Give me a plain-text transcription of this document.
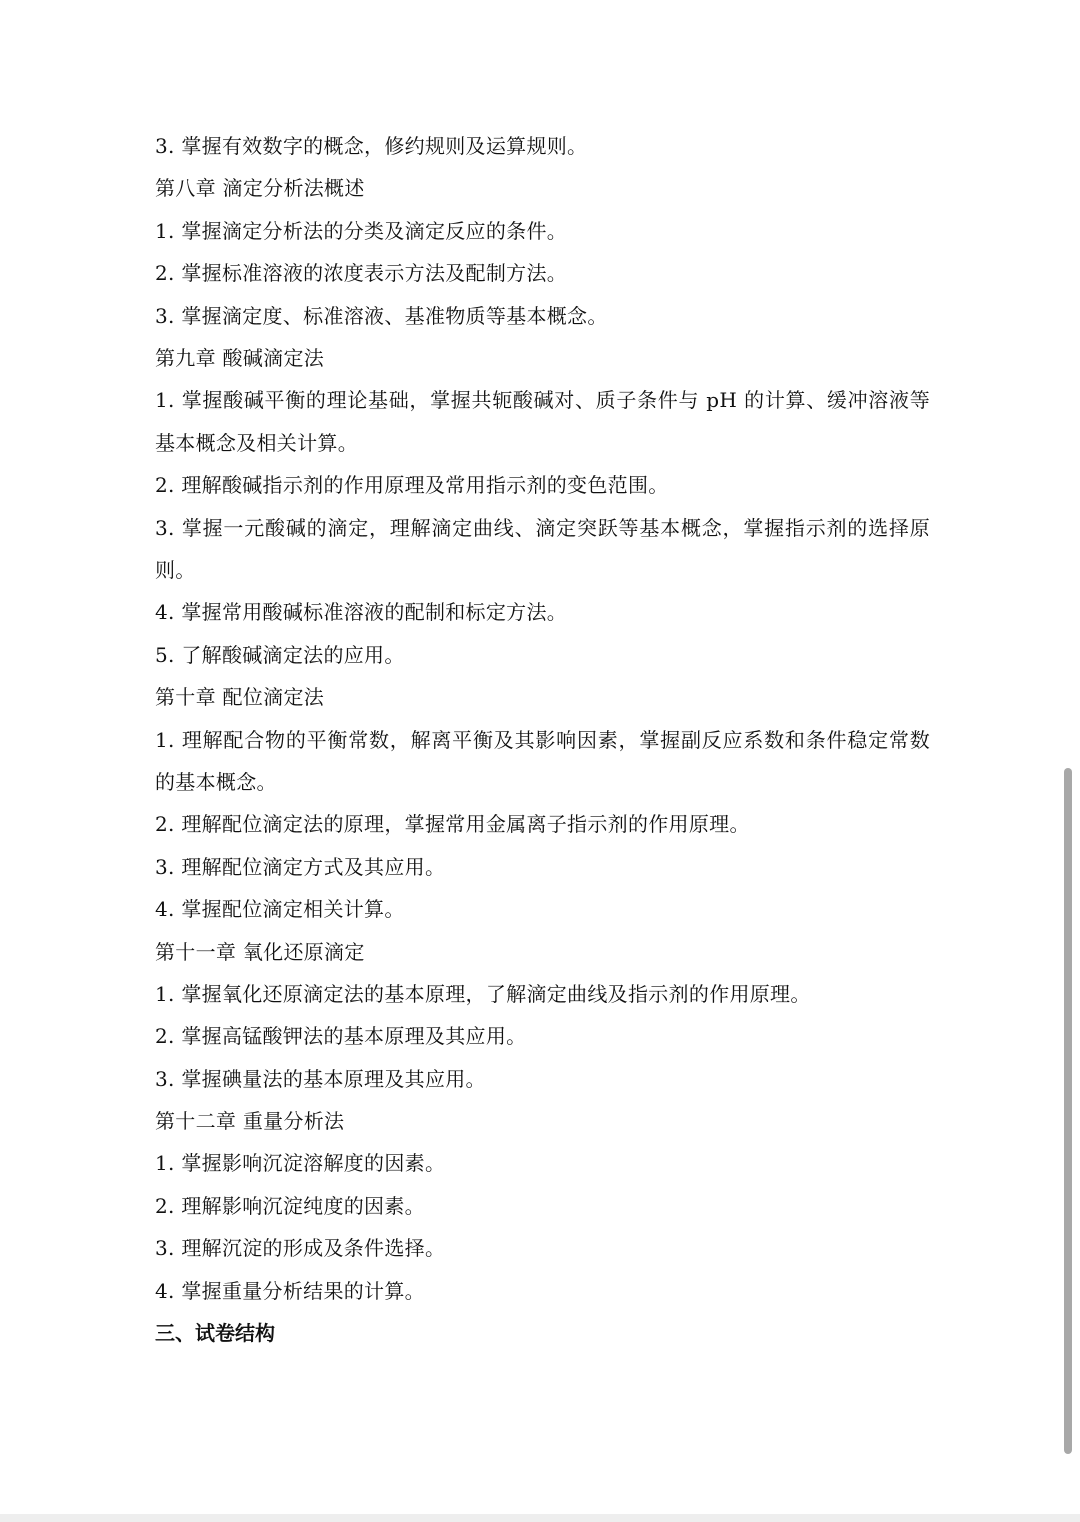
3. 掌握有效数字的概念，修约规则及运算规则。
第八章 滴定分析法概述
1. 掌握滴定分析法的分类及滴定反应的条件。
2. 掌握标准溶液的浓度表示方法及配制方法。
3. 掌握滴定度、标准溶液、基准物质等基本概念。
第九章 酸碱滴定法
1. 掌握酸碱平衡的理论基础，掌握共轭酸碱对、质子条件与 pH 的计算、缓冲溶液等基本概念及相关计算。
2. 理解酸碱指示剂的作用原理及常用指示剂的变色范围。
3. 掌握一元酸碱的滴定，理解滴定曲线、滴定突跃等基本概念，掌握指示剂的选择原则。
4. 掌握常用酸碱标准溶液的配制和标定方法。
5. 了解酸碱滴定法的应用。
第十章 配位滴定法
1. 理解配合物的平衡常数，解离平衡及其影响因素，掌握副反应系数和条件稳定常数的基本概念。
2. 理解配位滴定法的原理，掌握常用金属离子指示剂的作用原理。
3. 理解配位滴定方式及其应用。
4. 掌握配位滴定相关计算。
第十一章 氧化还原滴定
1. 掌握氧化还原滴定法的基本原理，了解滴定曲线及指示剂的作用原理。
2. 掌握高锰酸钾法的基本原理及其应用。
3. 掌握碘量法的基本原理及其应用。
第十二章 重量分析法
1. 掌握影响沉淀溶解度的因素。
2. 理解影响沉淀纯度的因素。
3. 理解沉淀的形成及条件选择。
4. 掌握重量分析结果的计算。
三、试卷结构
